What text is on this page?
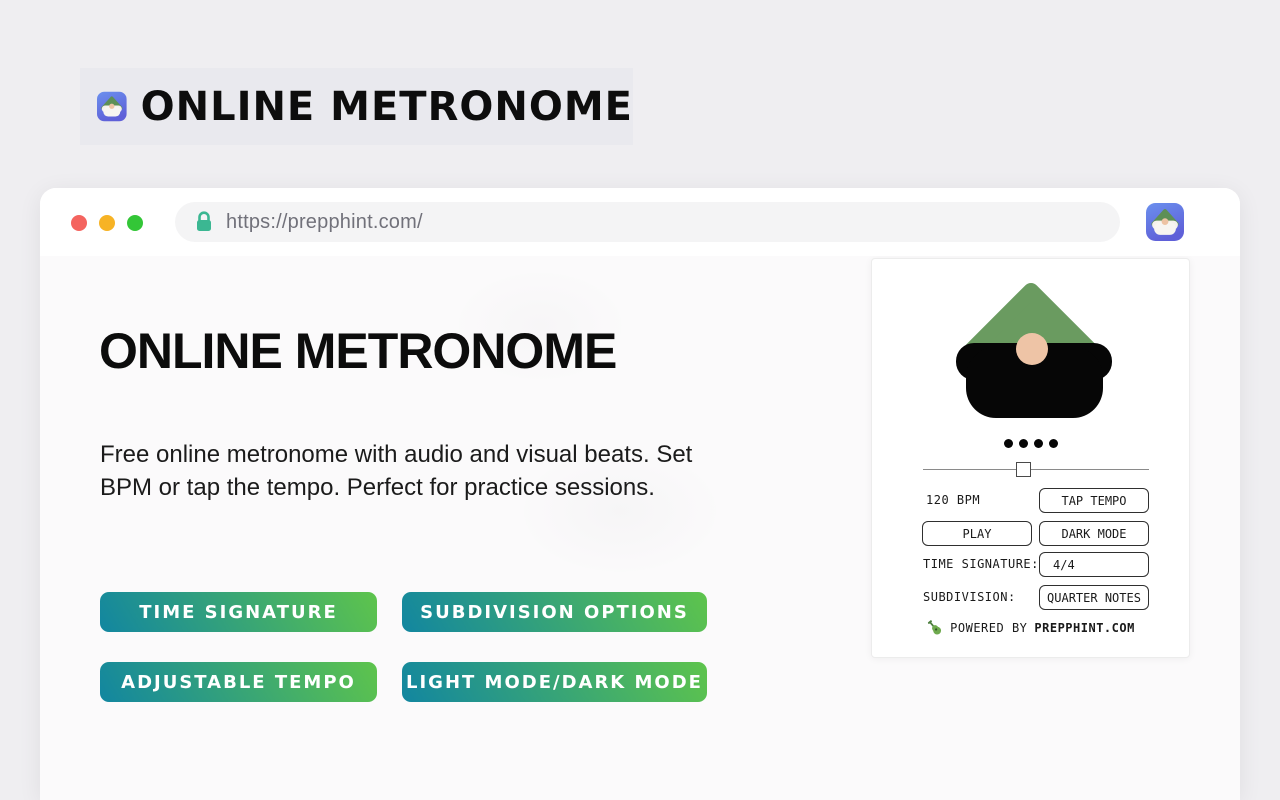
ONLINE METRONOME
https://prepphint.com/
ONLINE METRONOME

Free online metronome with audio and visual beats. Set BPM or tap the tempo. Perfect for practice sessions.

TIME SIGNATURE	SUBDIVISION OPTIONS
ADJUSTABLE TEMPO	LIGHT MODE/DARK MODE
120 BPM	TAP TEMPO
PLAY	DARK MODE
TIME SIGNATURE:	4/4
SUBDIVISION:	QUARTER NOTES
POWERED BY PREPPHINT.COM
